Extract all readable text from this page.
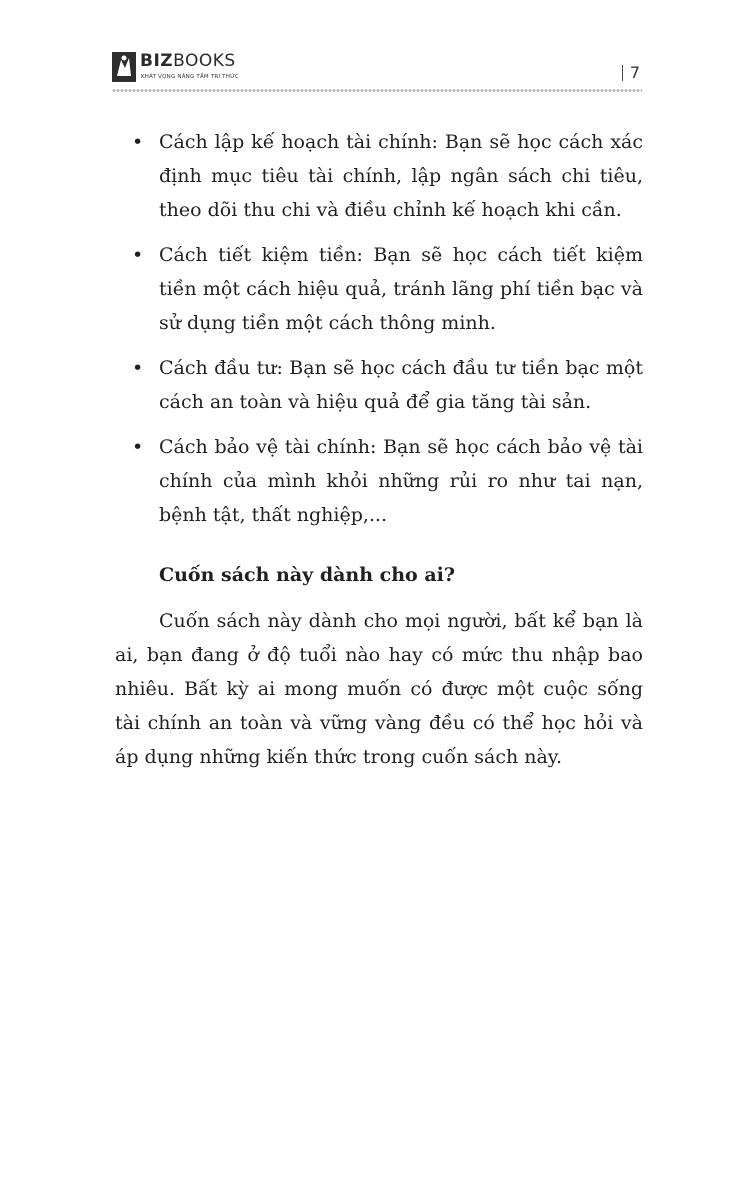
BIZBOOKS
KHÁT VỌNG NÂNG TẦM TRI THỨC	7
• Cách lập kế hoạch tài chính: Bạn sẽ học cách xác định mục tiêu tài chính, lập ngân sách chi tiêu, theo dõi thu chi và điều chỉnh kế hoạch khi cần.
• Cách tiết kiệm tiền: Bạn sẽ học cách tiết kiệm tiền một cách hiệu quả, tránh lãng phí tiền bạc và sử dụng tiền một cách thông minh.
• Cách đầu tư: Bạn sẽ học cách đầu tư tiền bạc một cách an toàn và hiệu quả để gia tăng tài sản.
• Cách bảo vệ tài chính: Bạn sẽ học cách bảo vệ tài chính của mình khỏi những rủi ro như tai nạn, bệnh tật, thất nghiệp,...
Cuốn sách này dành cho ai?

Cuốn sách này dành cho mọi người, bất kể bạn là ai, bạn đang ở độ tuổi nào hay có mức thu nhập bao nhiêu. Bất kỳ ai mong muốn có được một cuộc sống tài chính an toàn và vững vàng đều có thể học hỏi và áp dụng những kiến thức trong cuốn sách này.
